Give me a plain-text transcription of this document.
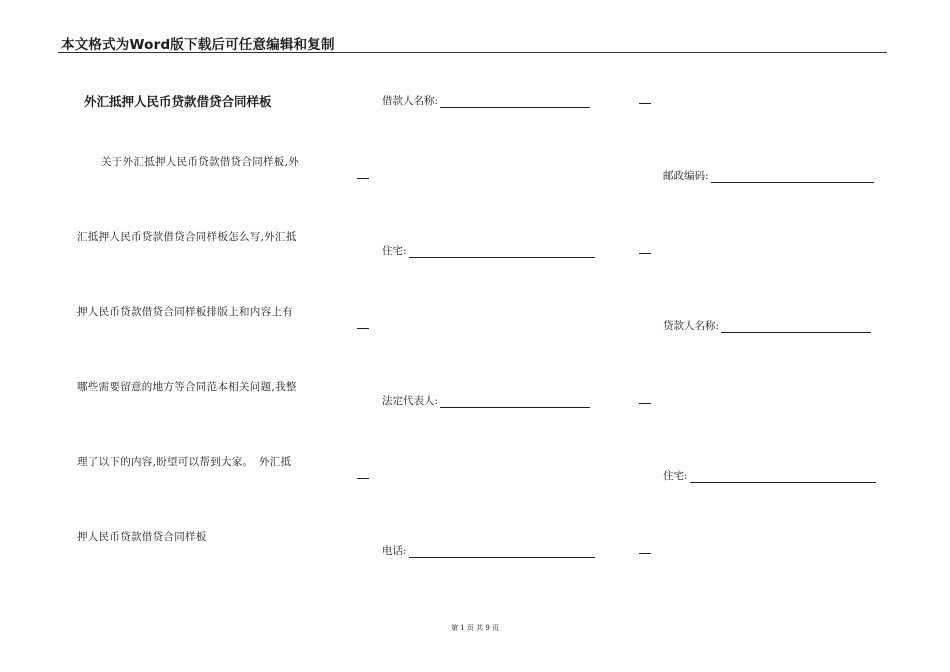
本文格式为Word版下载后可任意编辑和复制
外汇抵押人民币贷款借贷合同样板
关于外汇抵押人民币贷款借贷合同样板,外
汇抵押人民币贷款借贷合同样板怎么写,外汇抵
押人民币贷款借贷合同样板排版上和内容上有
哪些需要留意的地方等合同范本相关问题,我整
理了以下的内容,盼望可以帮到大家。　外汇抵
押人民币贷款借贷合同样板
借款人名称:
住宅:
法定代表人:
电话:
邮政编码:
贷款人名称:
住宅:
第 1 页 共 9 页
